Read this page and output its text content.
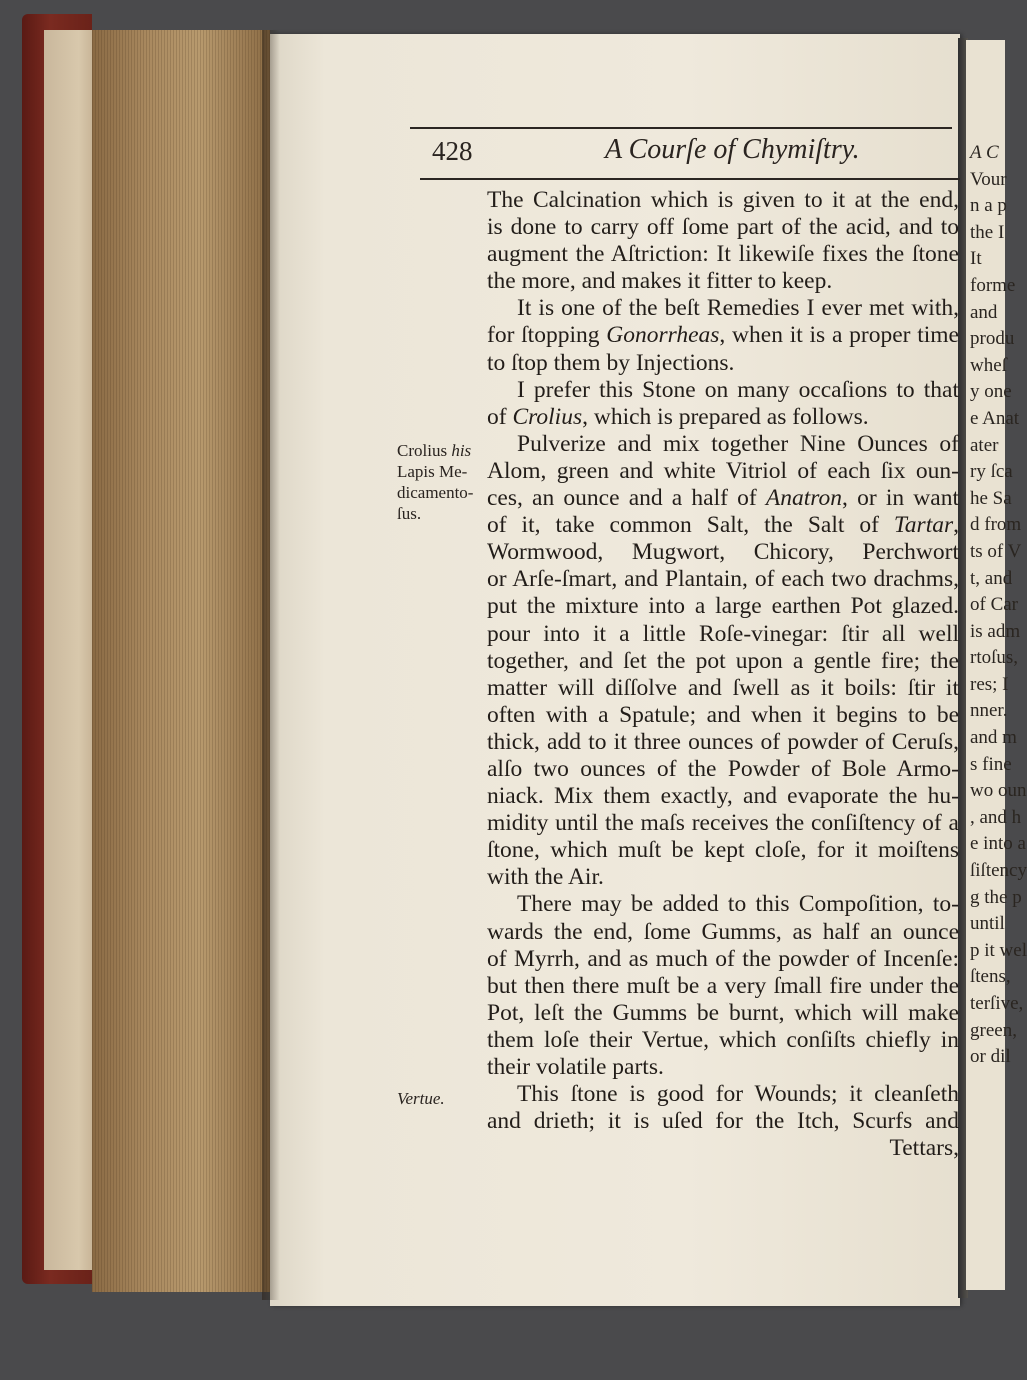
A C
Vour
n a p
the I
It
forme
and
produ
wheſ
y one
e Anat
ater
ry ſca
he Sa
d from
ts of V
t, and
of Car
is adm
rtoſus,
res; I
nner.
and m
s fine
wo oun
, and h
e into a
ſiſtency
g the p
until
p it wel
ſtens,
terſive,
green,
or dil
428	A Courſe of Chymiſtry.
Crolius his
Lapis Me-
dicamento-
ſus.
Vertue.
The Calcination which is given to it at the end,
is done to carry off ſome part of the acid, and to
augment the Aſtriction: It likewiſe fixes the ſtone
the more, and makes it fitter to keep.
It is one of the beſt Remedies I ever met with,
for ſtopping Gonorrheas, when it is a proper time
to ſtop them by Injections.
I prefer this Stone on many occaſions to that
of Crolius, which is prepared as follows.
Pulverize and mix together Nine Ounces of
Alom, green and white Vitriol of each ſix oun-
ces, an ounce and a half of Anatron, or in want
of it, take common Salt, the Salt of Tartar,
Wormwood, Mugwort, Chicory, Perchwort
or Arſe-ſmart, and Plantain, of each two drachms,
put the mixture into a large earthen Pot glazed.
pour into it a little Roſe-vinegar: ſtir all well
together, and ſet the pot upon a gentle fire; the
matter will diſſolve and ſwell as it boils: ſtir it
often with a Spatule; and when it begins to be
thick, add to it three ounces of powder of Ceruſs,
alſo two ounces of the Powder of Bole Armo-
niack. Mix them exactly, and evaporate the hu-
midity until the maſs receives the conſiſtency of a
ſtone, which muſt be kept cloſe, for it moiſtens
with the Air.
There may be added to this Compoſition, to-
wards the end, ſome Gumms, as half an ounce
of Myrrh, and as much of the powder of Incenſe:
but then there muſt be a very ſmall fire under the
Pot, leſt the Gumms be burnt, which will make
them loſe their Vertue, which conſiſts chiefly in
their volatile parts.
This ſtone is good for Wounds; it cleanſeth
and drieth; it is uſed for the Itch, Scurfs and
Tettars,
